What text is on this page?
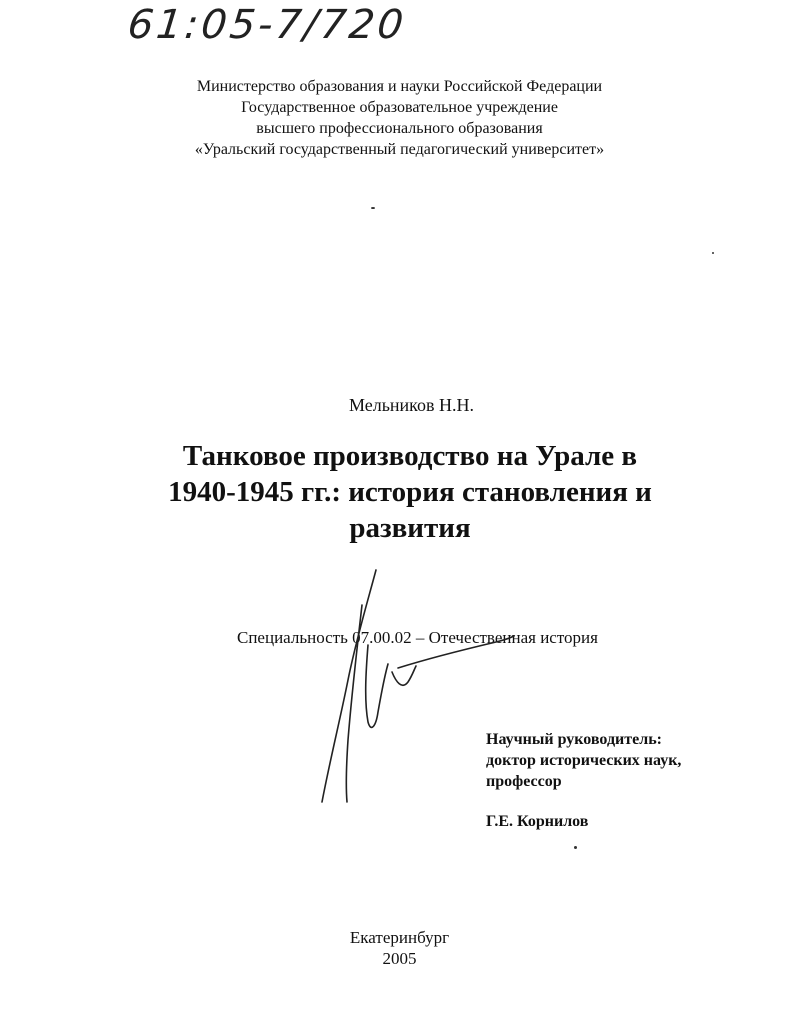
61:05-7/720
Министерство образования и науки Российской Федерации
Государственное образовательное учреждение
высшего профессионального образования
«Уральский государственный педагогический университет»
Мельников Н.Н.
Танковое производство на Урале в
1940-1945 гг.: история становления и
развития
Специальность 07.00.02 – Отечественная история
Научный руководитель:
доктор исторических наук,
профессор
Г.Е. Корнилов
Екатеринбург
2005
